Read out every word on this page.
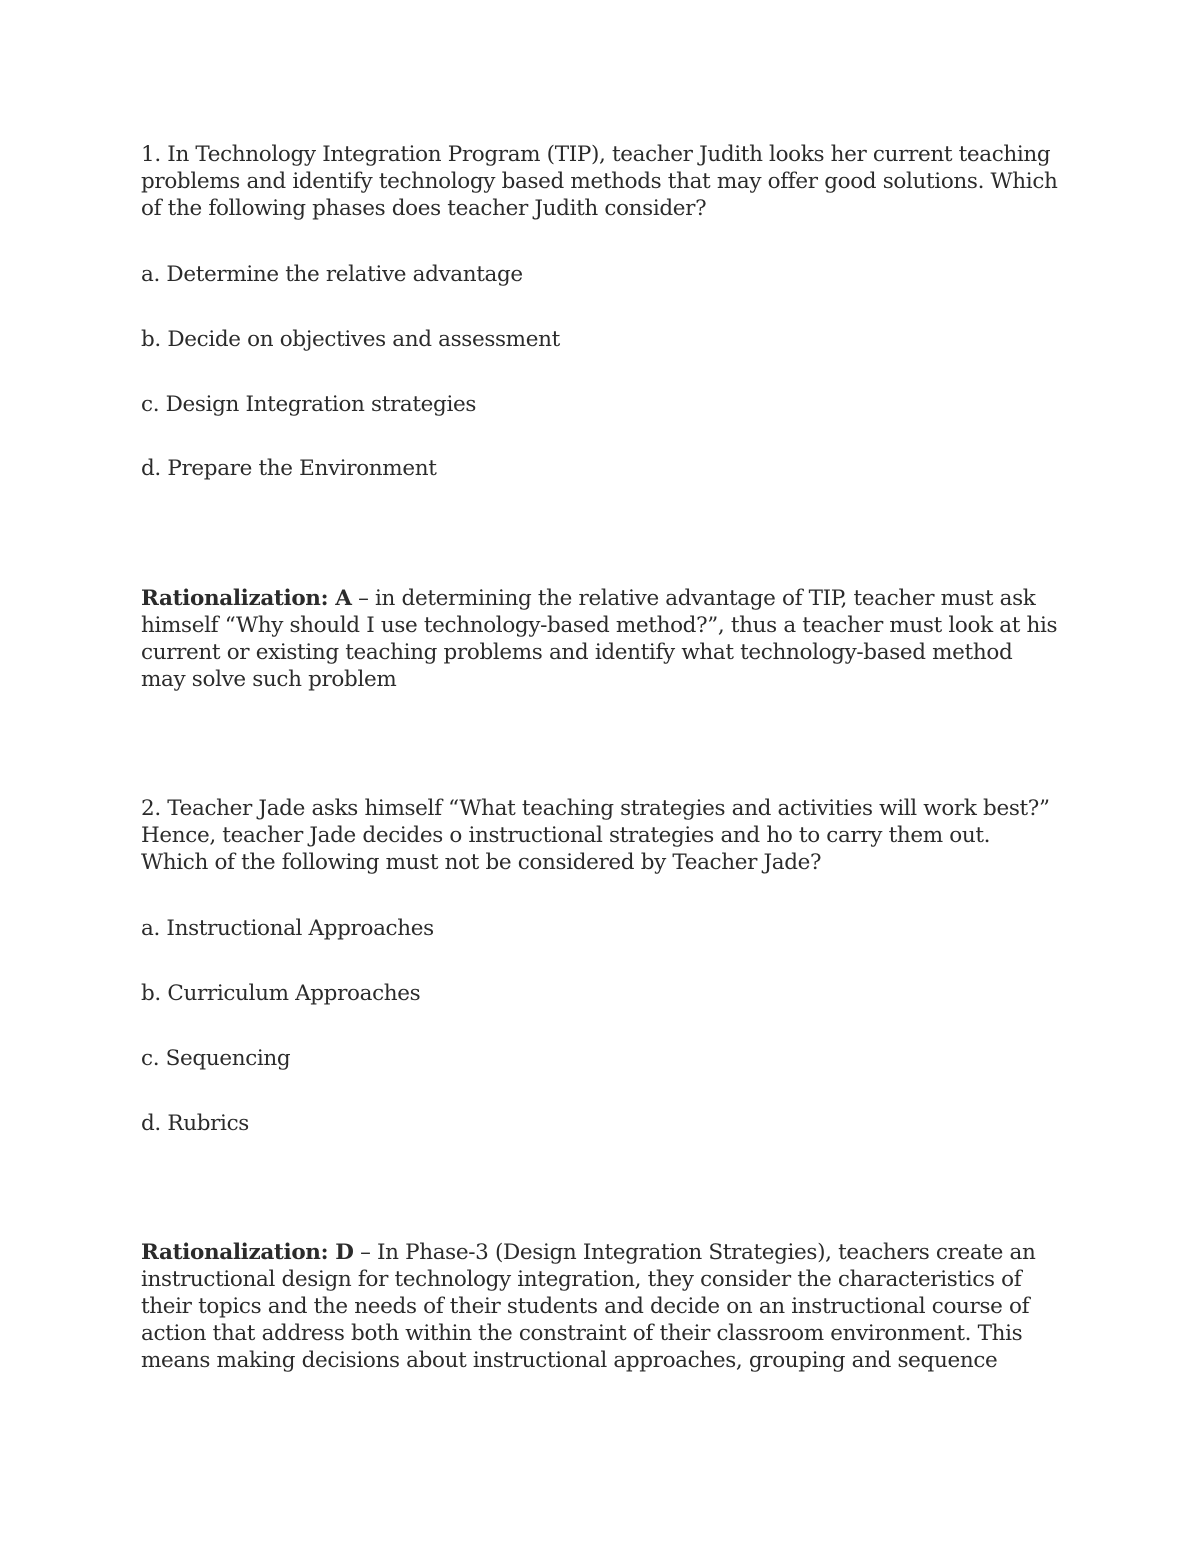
1. In Technology Integration Program (TIP), teacher Judith looks her current teaching problems and identify technology based methods that may offer good solutions. Which of the following phases does teacher Judith consider?

a. Determine the relative advantage
b. Decide on objectives and assessment
c. Design Integration strategies
d. Prepare the Environment

Rationalization: A – in determining the relative advantage of TIP, teacher must ask himself “Why should I use technology-based method?”, thus a teacher must look at his current or existing teaching problems and identify what technology-based method may solve such problem

2. Teacher Jade asks himself “What teaching strategies and activities will work best?” Hence, teacher Jade decides o instructional strategies and ho to carry them out. Which of the following must not be considered by Teacher Jade?

a. Instructional Approaches
b. Curriculum Approaches
c. Sequencing
d. Rubrics

Rationalization: D – In Phase-3 (Design Integration Strategies), teachers create an instructional design for technology integration, they consider the characteristics of their topics and the needs of their students and decide on an instructional course of action that address both within the constraint of their classroom environment. This means making decisions about instructional approaches, grouping and sequence
